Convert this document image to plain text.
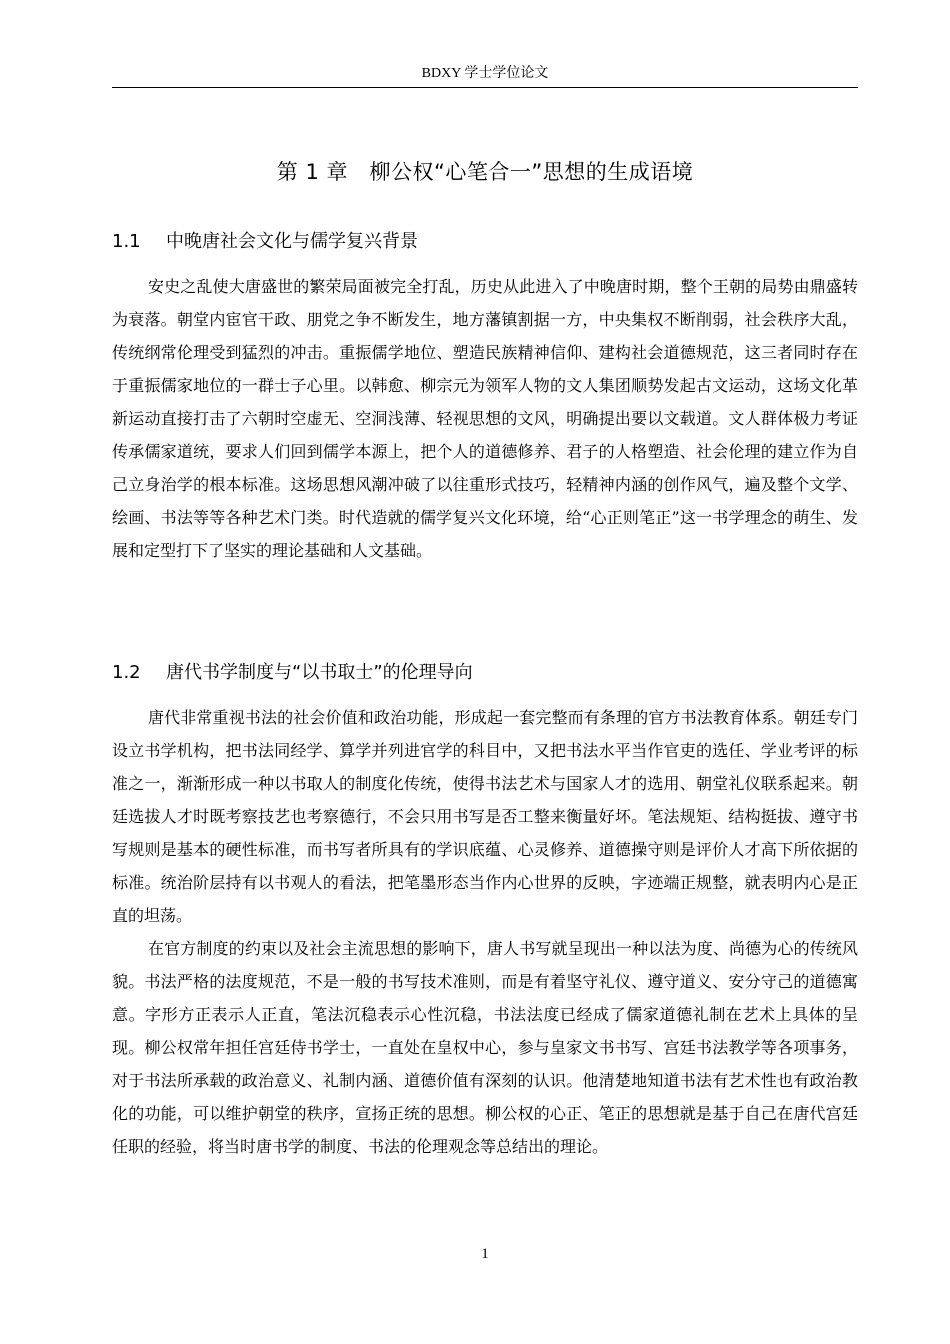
BDXY 学士学位论文
第 1 章　柳公权“心笔合一”思想的生成语境
1.1 中晚唐社会文化与儒学复兴背景

安史之乱使大唐盛世的繁荣局面被完全打乱，历史从此进入了中晚唐时期，整个王朝的局势由鼎盛转为衰落。朝堂内宦官干政、朋党之争不断发生，地方藩镇割据一方，中央集权不断削弱，社会秩序大乱，传统纲常伦理受到猛烈的冲击。重振儒学地位、塑造民族精神信仰、建构社会道德规范，这三者同时存在于重振儒家地位的一群士子心里。以韩愈、柳宗元为领军人物的文人集团顺势发起古文运动，这场文化革新运动直接打击了六朝时空虚无、空洞浅薄、轻视思想的文风，明确提出要以文载道。文人群体极力考证传承儒家道统，要求人们回到儒学本源上，把个人的道德修养、君子的人格塑造、社会伦理的建立作为自己立身治学的根本标准。这场思想风潮冲破了以往重形式技巧，轻精神内涵的创作风气，遍及整个文学、绘画、书法等等各种艺术门类。时代造就的儒学复兴文化环境，给“心正则笔正”这一书学理念的萌生、发展和定型打下了坚实的理论基础和人文基础。

1.2 唐代书学制度与“以书取士”的伦理导向

唐代非常重视书法的社会价值和政治功能，形成起一套完整而有条理的官方书法教育体系。朝廷专门设立书学机构，把书法同经学、算学并列进官学的科目中，又把书法水平当作官吏的选任、学业考评的标准之一，渐渐形成一种以书取人的制度化传统，使得书法艺术与国家人才的选用、朝堂礼仪联系起来。朝廷选拔人才时既考察技艺也考察德行，不会只用书写是否工整来衡量好坏。笔法规矩、结构挺拔、遵守书写规则是基本的硬性标准，而书写者所具有的学识底蕴、心灵修养、道德操守则是评价人才高下所依据的标准。统治阶层持有以书观人的看法，把笔墨形态当作内心世界的反映，字迹端正规整，就表明内心是正直的坦荡。

在官方制度的约束以及社会主流思想的影响下，唐人书写就呈现出一种以法为度、尚德为心的传统风貌。书法严格的法度规范，不是一般的书写技术准则，而是有着坚守礼仪、遵守道义、安分守己的道德寓意。字形方正表示人正直，笔法沉稳表示心性沉稳，书法法度已经成了儒家道德礼制在艺术上具体的呈现。柳公权常年担任宫廷侍书学士，一直处在皇权中心，参与皇家文书书写、宫廷书法教学等各项事务，对于书法所承载的政治意义、礼制内涵、道德价值有深刻的认识。他清楚地知道书法有艺术性也有政治教化的功能，可以维护朝堂的秩序，宣扬正统的思想。柳公权的心正、笔正的思想就是基于自己在唐代宫廷任职的经验，将当时唐书学的制度、书法的伦理观念等总结出的理论。

1
